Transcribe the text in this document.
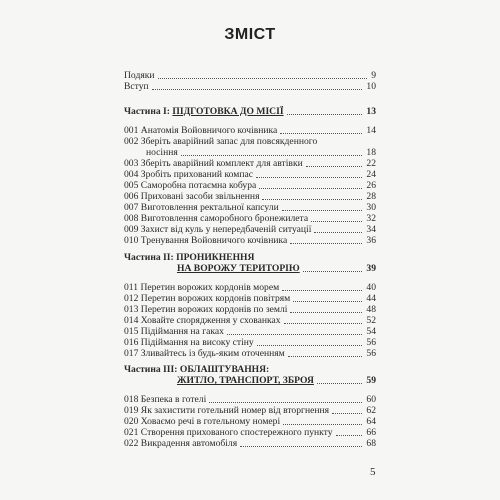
ЗМІСТ
Подяки	9
Вступ	10
Частина І: ПІДГОТОВКА ДО МІСІЇ	13
001 Анатомія Войовничого кочівника	14
002 Зберіть аварійний запас для повсякденного
носіння	18
003 Зберіть аварійний комплект для автівки	22
004 Зробіть прихований компас	24
005 Саморобна потаємна кобура	26
006 Приховані засоби звільнення	28
007 Виготовлення ректальної капсули	30
008 Виготовлення саморобного бронежилета	32
009 Захист від куль у непередбаченій ситуації	34
010 Тренування Войовничого кочівника	36
Частина ІІ: ПРОНИКНЕННЯ
НА ВОРОЖУ ТЕРИТОРІЮ	39
011 Перетин ворожих кордонів морем	40
012 Перетин ворожих кордонів повітрям	44
013 Перетин ворожих кордонів по землі	48
014 Ховайте спорядження у схованках	52
015 Підіймання на гаках	54
016 Підіймання на високу стіну	56
017 Зливайтесь із будь-яким оточенням	56
Частина ІІІ: ОБЛАШТУВАННЯ:
ЖИТЛО, ТРАНСПОРТ, ЗБРОЯ	59
018 Безпека в готелі	60
019 Як захистити готельний номер від вторгнення	62
020 Ховаємо речі в готельному номері	64
021 Створення прихованого спостережного пункту	66
022 Викрадення автомобіля	68
5
